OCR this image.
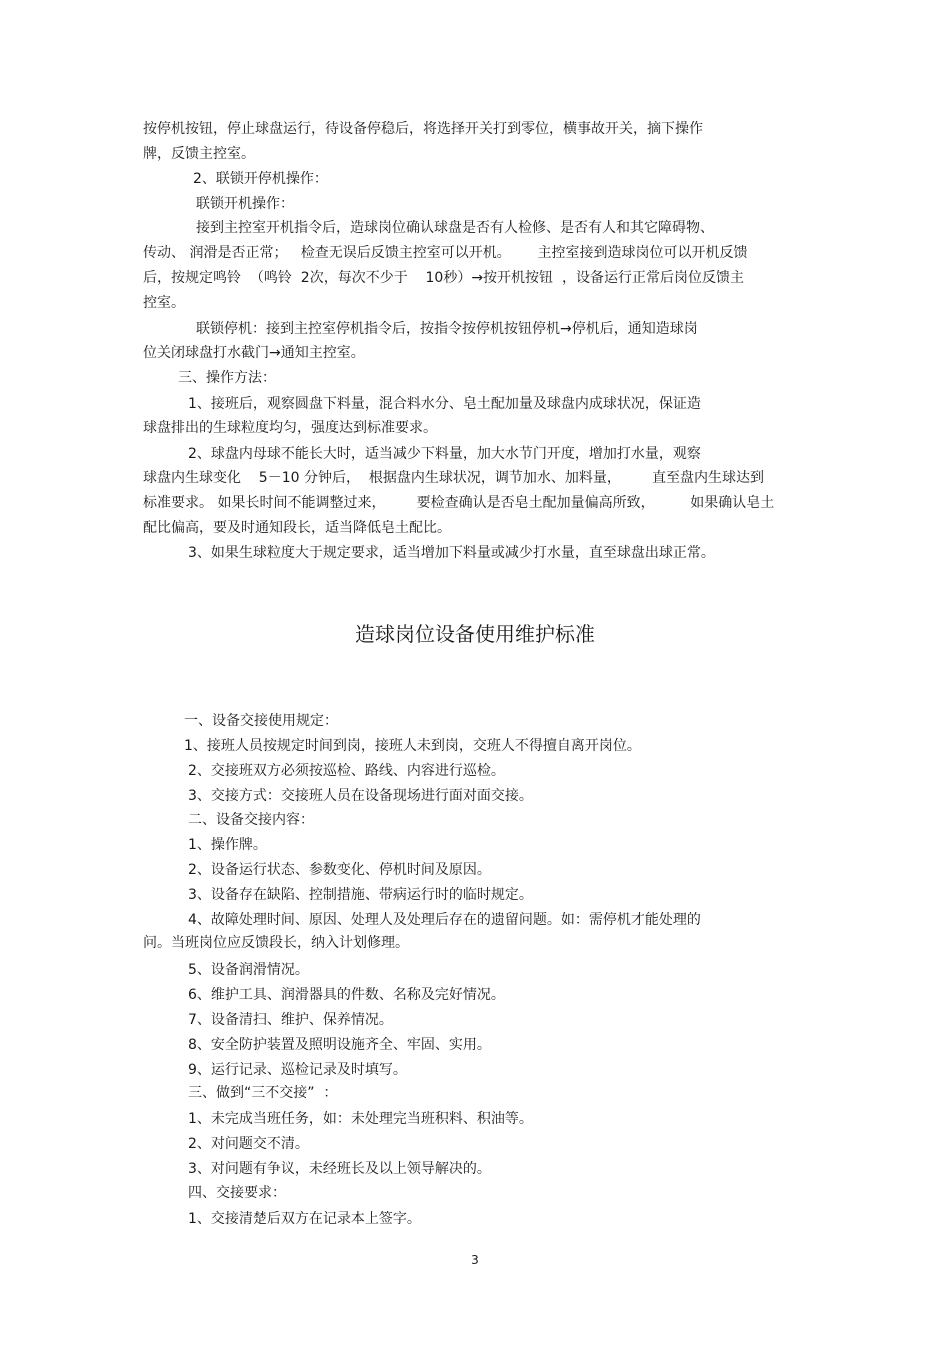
按停机按钮，停止球盘运行，待设备停稳后，将选择开关打到零位，横事故开关，摘下操作
牌，反馈主控室。
2、联锁开停机操作：
联锁开机操作：
接到主控室开机指令后，造球岗位确认球盘是否有人检修、是否有人和其它障碍物、
传动、 润滑是否正常；   检查无误后反馈主控室可以开机。      主控室接到造球岗位可以开机反馈
后，按规定鸣铃  （鸣铃  2次，每次不少于    10秒）→按开机按钮  ，设备运行正常后岗位反馈主
控室。
联锁停机：接到主控室停机指令后，按指令按停机按钮停机→停机后，通知造球岗
位关闭球盘打水截门→通知主控室。
三、操作方法：
1、接班后，观察圆盘下料量，混合料水分、皂土配加量及球盘内成球状况，保证造
球盘排出的生球粒度均匀，强度达到标准要求。
2、球盘内母球不能长大时，适当减少下料量，加大水节门开度，增加打水量，观察
球盘内生球变化    5－10 分钟后，  根据盘内生球状况，调节加水、加料量，       直至盘内生球达到
标准要求。 如果长时间不能调整过来，       要检查确认是否皂土配加量偏高所致，        如果确认皂土
配比偏高，要及时通知段长，适当降低皂土配比。
3、如果生球粒度大于规定要求，适当增加下料量或减少打水量，直至球盘出球正常。
造球岗位设备使用维护标准
一、设备交接使用规定：
1、接班人员按规定时间到岗，接班人未到岗，交班人不得擅自离开岗位。
2、交接班双方必须按巡检、路线、内容进行巡检。
3、交接方式：交接班人员在设备现场进行面对面交接。
二、设备交接内容：
1、操作牌。
2、设备运行状态、参数变化、停机时间及原因。
3、设备存在缺陷、控制措施、带病运行时的临时规定。
4、故障处理时间、原因、处理人及处理后存在的遗留问题。如：需停机才能处理的
问。当班岗位应反馈段长，纳入计划修理。
5、设备润滑情况。
6、维护工具、润滑器具的件数、名称及完好情况。
7、设备清扫、维护、保养情况。
8、安全防护装置及照明设施齐全、牢固、实用。
9、运行记录、巡检记录及时填写。
三、做到“三不交接”  ：
1、未完成当班任务，如：未处理完当班积料、积油等。
2、对问题交不清。
3、对问题有争议，未经班长及以上领导解决的。
四、交接要求：
1、交接清楚后双方在记录本上签字。
3
